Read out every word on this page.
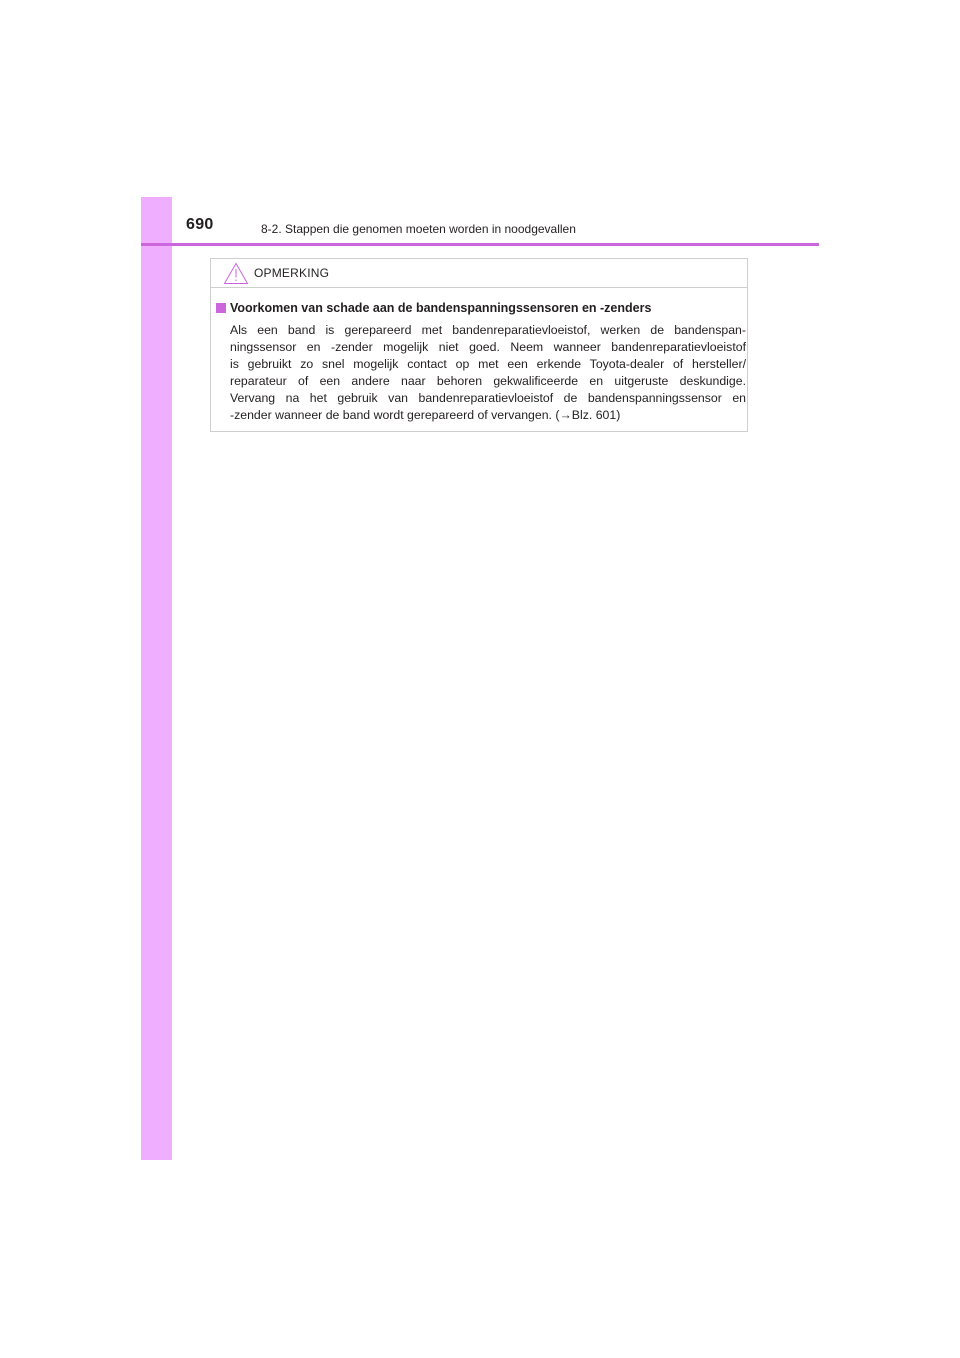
690	8-2. Stappen die genomen moeten worden in noodgevallen
OPMERKING
Voorkomen van schade aan de bandenspanningssensoren en -zenders
Als een band is gerepareerd met bandenreparatievloeistof, werken de bandenspan-
ningssensor en -zender mogelijk niet goed. Neem wanneer bandenreparatievloeistof
is gebruikt zo snel mogelijk contact op met een erkende Toyota-dealer of hersteller/
reparateur of een andere naar behoren gekwalificeerde en uitgeruste deskundige.
Vervang na het gebruik van bandenreparatievloeistof de bandenspanningssensor en
-zender wanneer de band wordt gerepareerd of vervangen. (→Blz. 601)
